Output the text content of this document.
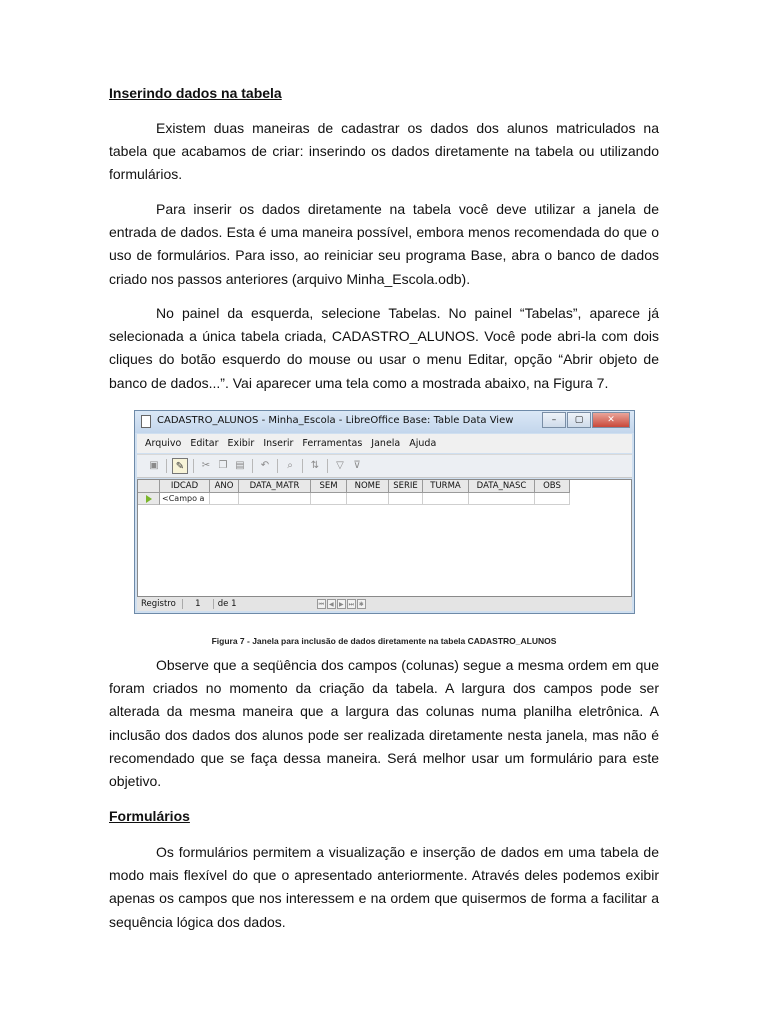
Inserindo dados na tabela

Existem duas maneiras de cadastrar os dados dos alunos matriculados na tabela que acabamos de criar: inserindo os dados diretamente na tabela ou utilizando formulários.

Para inserir os dados diretamente na tabela você deve utilizar a janela de entrada de dados. Esta é uma maneira possível, embora menos recomendada do que o uso de formulários. Para isso, ao reiniciar seu programa Base, abra o banco de dados criado nos passos anteriores (arquivo Minha_Escola.odb).

No painel da esquerda, selecione Tabelas. No painel “Tabelas”, aparece já selecionada a única tabela criada, CADASTRO_ALUNOS. Você pode abri-la com dois cliques do botão esquerdo do mouse ou usar o menu Editar, opção “Abrir objeto de banco de dados...”. Vai aparecer uma tela como a mostrada abaixo, na Figura 7.

Figura 7 - Janela para inclusão de dados diretamente na tabela CADASTRO_ALUNOS

Observe que a seqüência dos campos (colunas) segue a mesma ordem em que foram criados no momento da criação da tabela. A largura dos campos pode ser alterada da mesma maneira que a largura das colunas numa planilha eletrônica. A inclusão dos dados dos alunos pode ser realizada diretamente nesta janela, mas não é recomendado que se faça dessa maneira. Será melhor usar um formulário para este objetivo.

Formulários

Os formulários permitem a visualização e inserção de dados em uma tabela de modo mais flexível do que o apresentado anteriormente. Através deles podemos exibir apenas os campos que nos interessem e na ordem que quisermos de forma a facilitar a sequência lógica dos dados.

CADASTRO_ALUNOS - Minha_Escola - LibreOffice Base: Table Data View	–	▢	✕
Arquivo Editar Exibir Inserir Ferramentas Janela Ajuda
▣	✎	✂ ❐ ▤ ↶	⌕	⇅	▽ ⊽
IDCAD	ANO	DATA_MATR	SEM	NOME	SERIE	TURMA	DATA_NASC	OBS
<Campo a
Registro	1	de 1	⏮ ◀ ▶ ⏭ ✱
